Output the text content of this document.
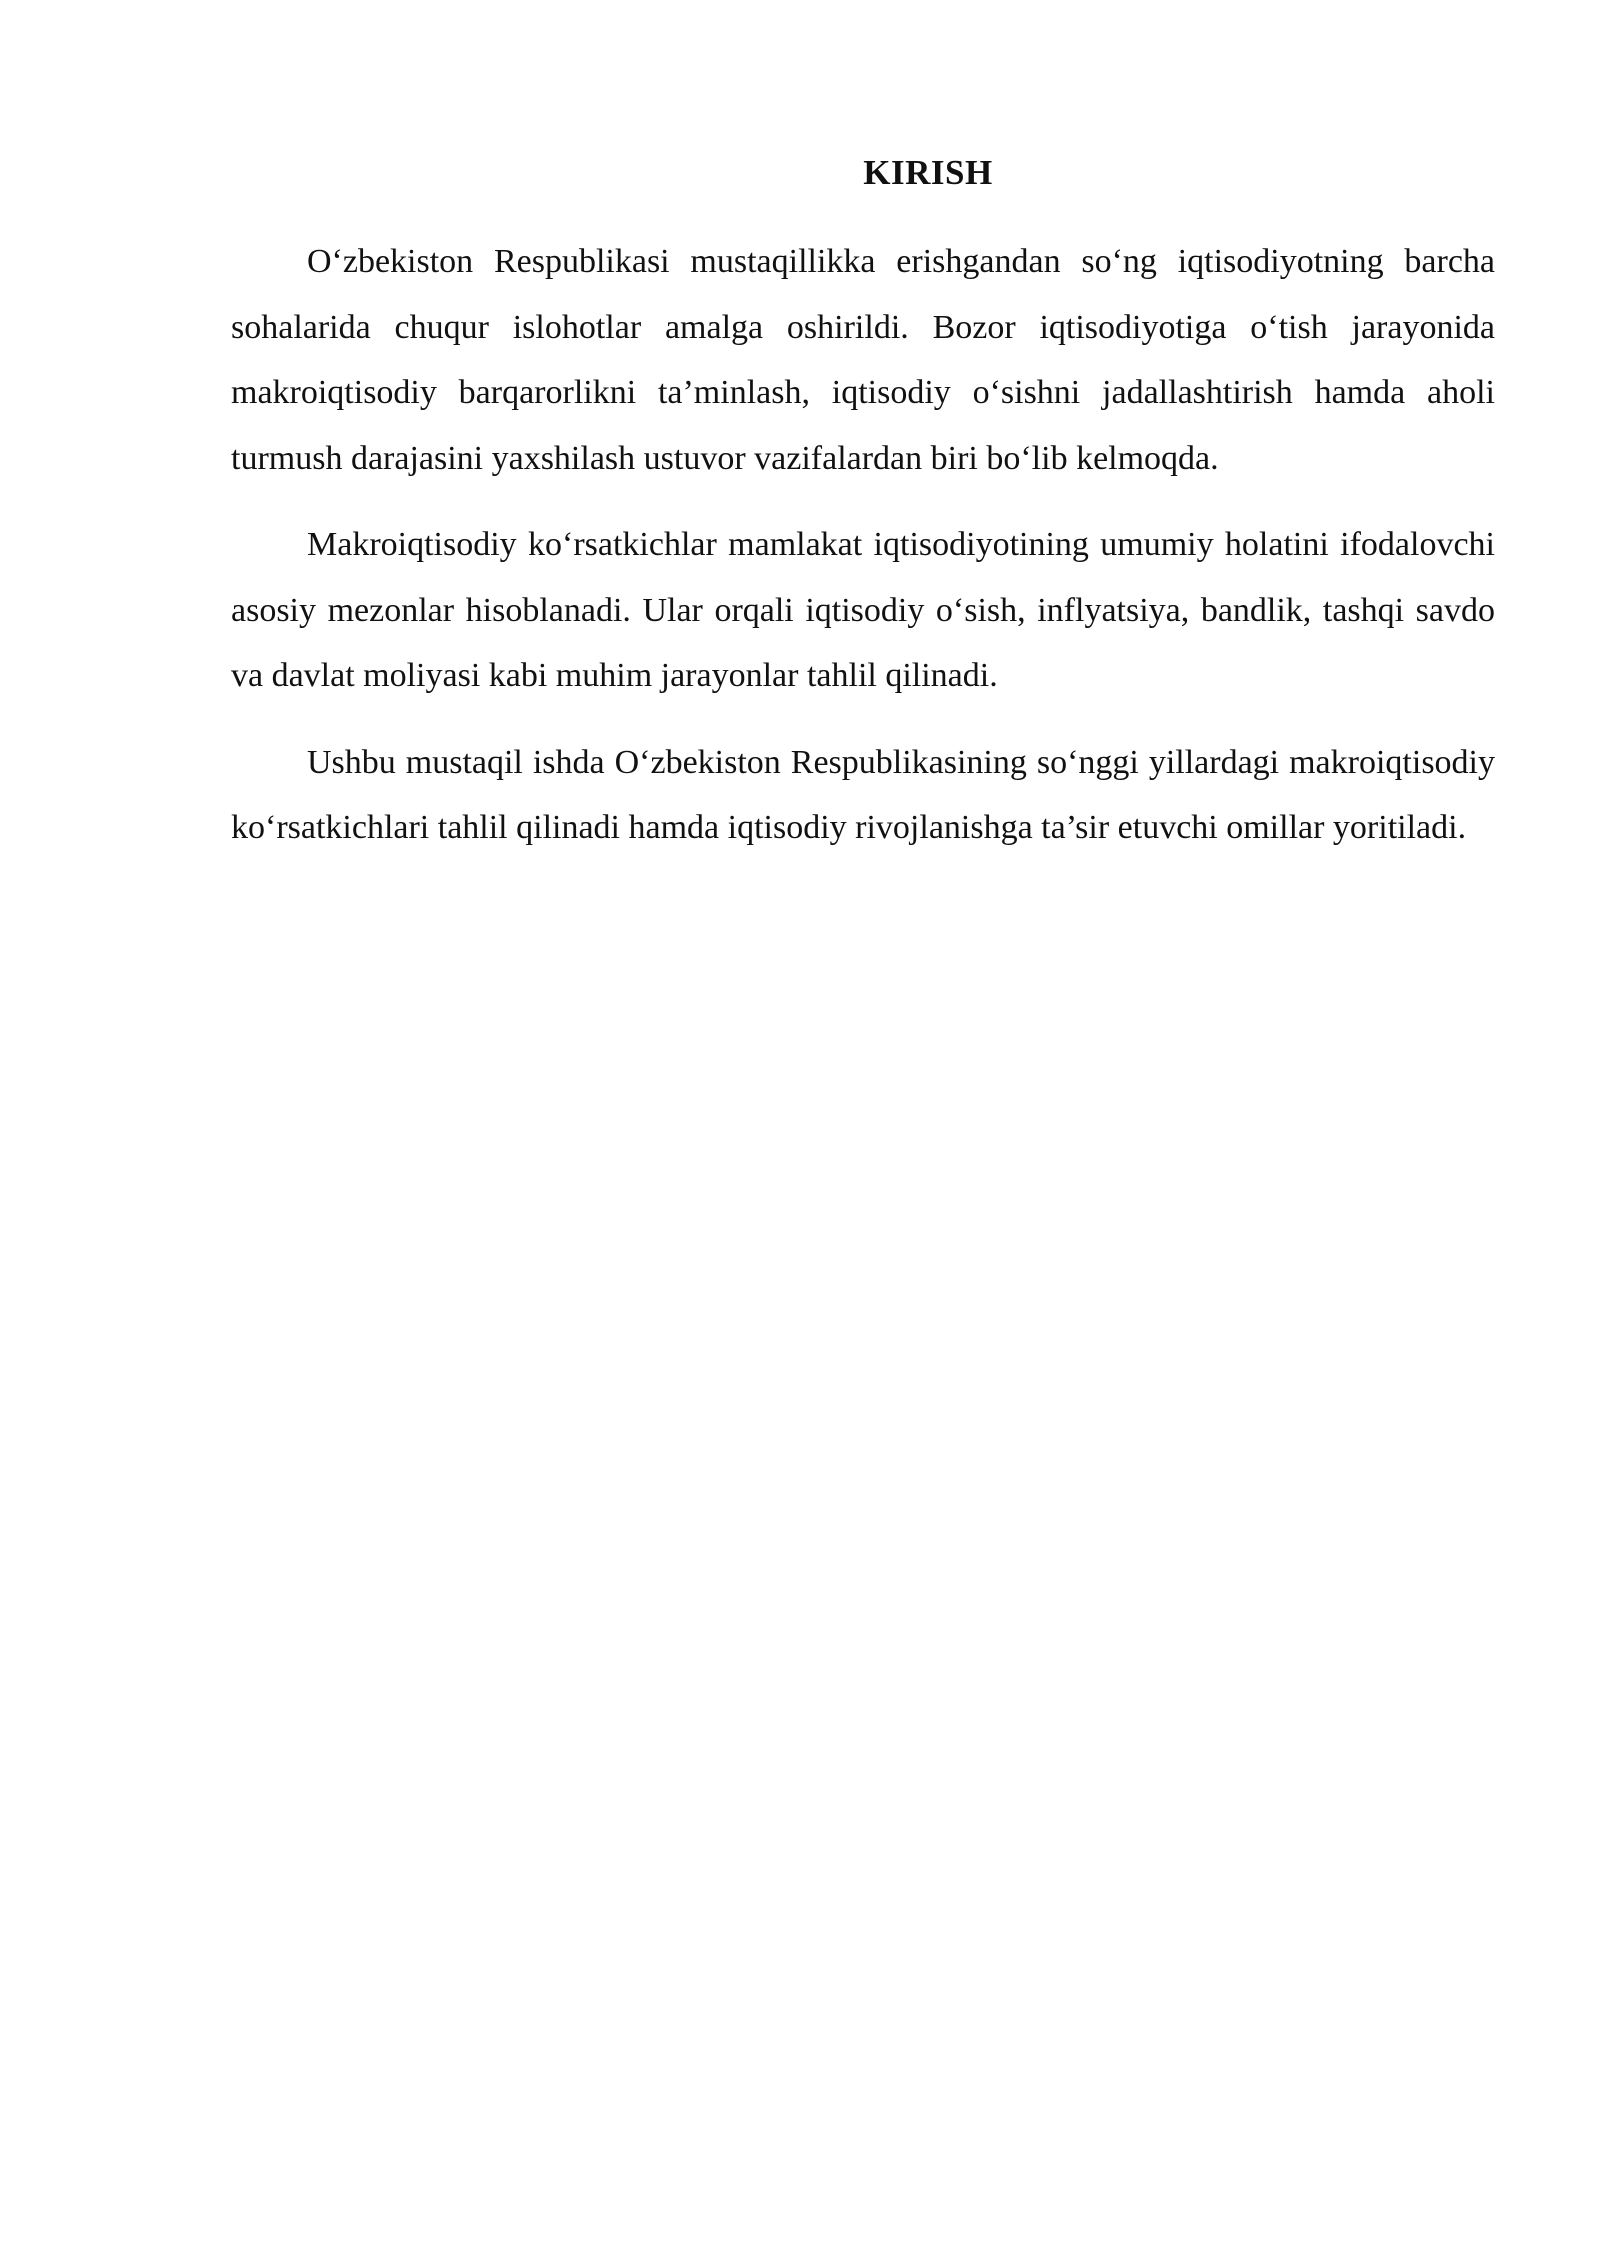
KIRISH

O‘zbekiston Respublikasi mustaqillikka erishgandan so‘ng iqtisodiyotning barcha sohalarida chuqur islohotlar amalga oshirildi. Bozor iqtisodiyotiga o‘tish jarayonida makroiqtisodiy barqarorlikni ta’minlash, iqtisodiy o‘sishni jadallashtirish hamda aholi turmush darajasini yaxshilash ustuvor vazifalardan biri bo‘lib kelmoqda.

Makroiqtisodiy ko‘rsatkichlar mamlakat iqtisodiyotining umumiy holatini ifodalovchi asosiy mezonlar hisoblanadi. Ular orqali iqtisodiy o‘sish, inflyatsiya, bandlik, tashqi savdo va davlat moliyasi kabi muhim jarayonlar tahlil qilinadi.

Ushbu mustaqil ishda O‘zbekiston Respublikasining so‘nggi yillardagi makroiqtisodiy ko‘rsatkichlari tahlil qilinadi hamda iqtisodiy rivojlanishga ta’sir etuvchi omillar yoritiladi.
